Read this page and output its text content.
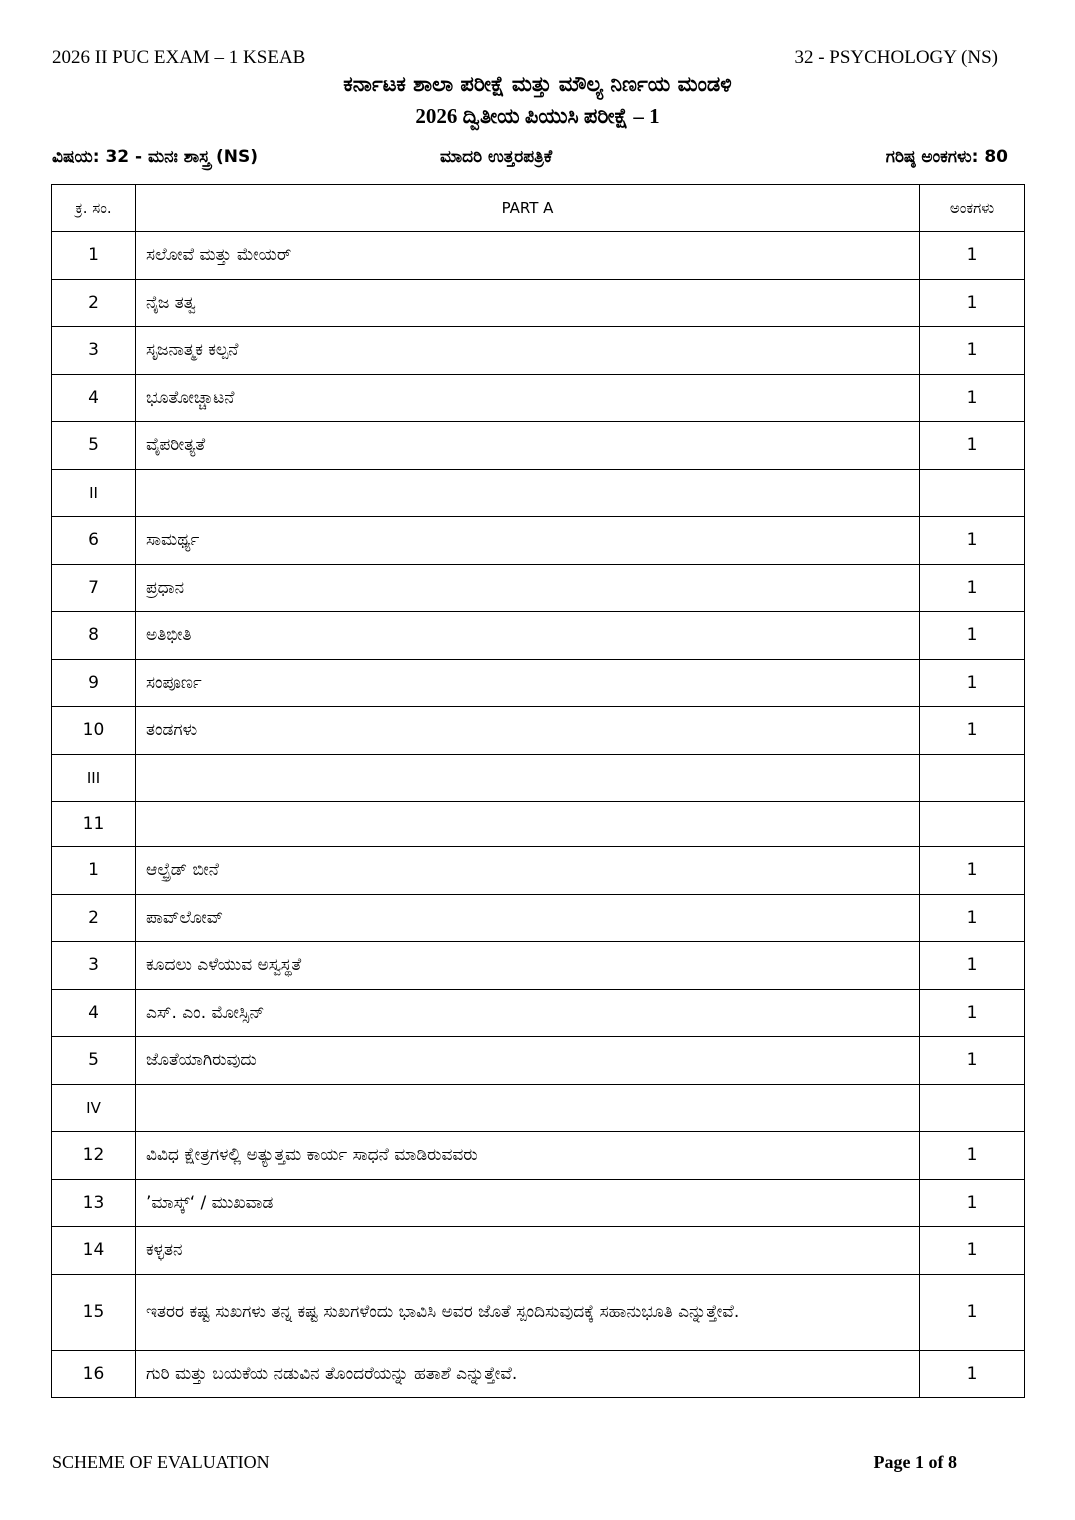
2026 II PUC EXAM – 1 KSEAB	32 - PSYCHOLOGY (NS)
ಕರ್ನಾಟಕ ಶಾಲಾ ಪರೀಕ್ಷೆ ಮತ್ತು ಮೌಲ್ಯ ನಿರ್ಣಯ ಮಂಡಳಿ
2026 ದ್ವಿತೀಯ ಪಿಯುಸಿ ಪರೀಕ್ಷೆ – 1
ವಿಷಯ: 32 - ಮನಃ ಶಾಸ್ತ್ರ (NS)	ಮಾದರಿ ಉತ್ತರಪತ್ರಿಕೆ	ಗರಿಷ್ಠ ಅಂಕಗಳು: 80
ಕ್ರ. ಸಂ.	PART A	ಅಂಕಗಳು
1	ಸಲೋವೆ ಮತ್ತು ಮೇಯರ್	1
2	ನೈಜ ತತ್ವ	1
3	ಸೃಜನಾತ್ಮಕ ಕಲ್ಪನೆ	1
4	ಭೂತೋಚ್ಚಾಟನೆ	1
5	ವೈಪರೀತ್ಯತೆ	1
II		
6	ಸಾಮರ್ಥ್ಯ	1
7	ಪ್ರಧಾನ	1
8	ಅತಿಭೀತಿ	1
9	ಸಂಪೂರ್ಣ	1
10	ತಂಡಗಳು	1
III		
11		
1	ಆಲ್ಫ್ರೆಡ್ ಬೀನೆ	1
2	ಪಾವ್‌ಲೋವ್	1
3	ಕೂದಲು ಎಳೆಯುವ ಅಸ್ವಸ್ಥತೆ	1
4	ಎಸ್. ಎಂ. ಮೋಸ್ಸಿನ್	1
5	ಜೊತೆಯಾಗಿರುವುದು	1
IV		
12	ವಿವಿಧ ಕ್ಷೇತ್ರಗಳಲ್ಲಿ ಅತ್ಯುತ್ತಮ ಕಾರ್ಯ ಸಾಧನೆ ಮಾಡಿರುವವರು	1
13	’ಮಾಸ್ಕ್‘ / ಮುಖವಾಡ	1
14	ಕಳ್ಳತನ	1
15	ಇತರರ ಕಷ್ಟ ಸುಖಗಳು ತನ್ನ ಕಷ್ಟ ಸುಖಗಳೆಂದು ಭಾವಿಸಿ ಅವರ ಜೊತೆ ಸ್ಪಂದಿಸುವುದಕ್ಕೆ ಸಹಾನುಭೂತಿ ಎನ್ನುತ್ತೇವೆ.	1
16	ಗುರಿ ಮತ್ತು ಬಯಕೆಯ ನಡುವಿನ ತೊಂದರೆಯನ್ನು ಹತಾಶೆ ಎನ್ನುತ್ತೇವೆ.	1
SCHEME OF EVALUATION	Page 1 of 8
